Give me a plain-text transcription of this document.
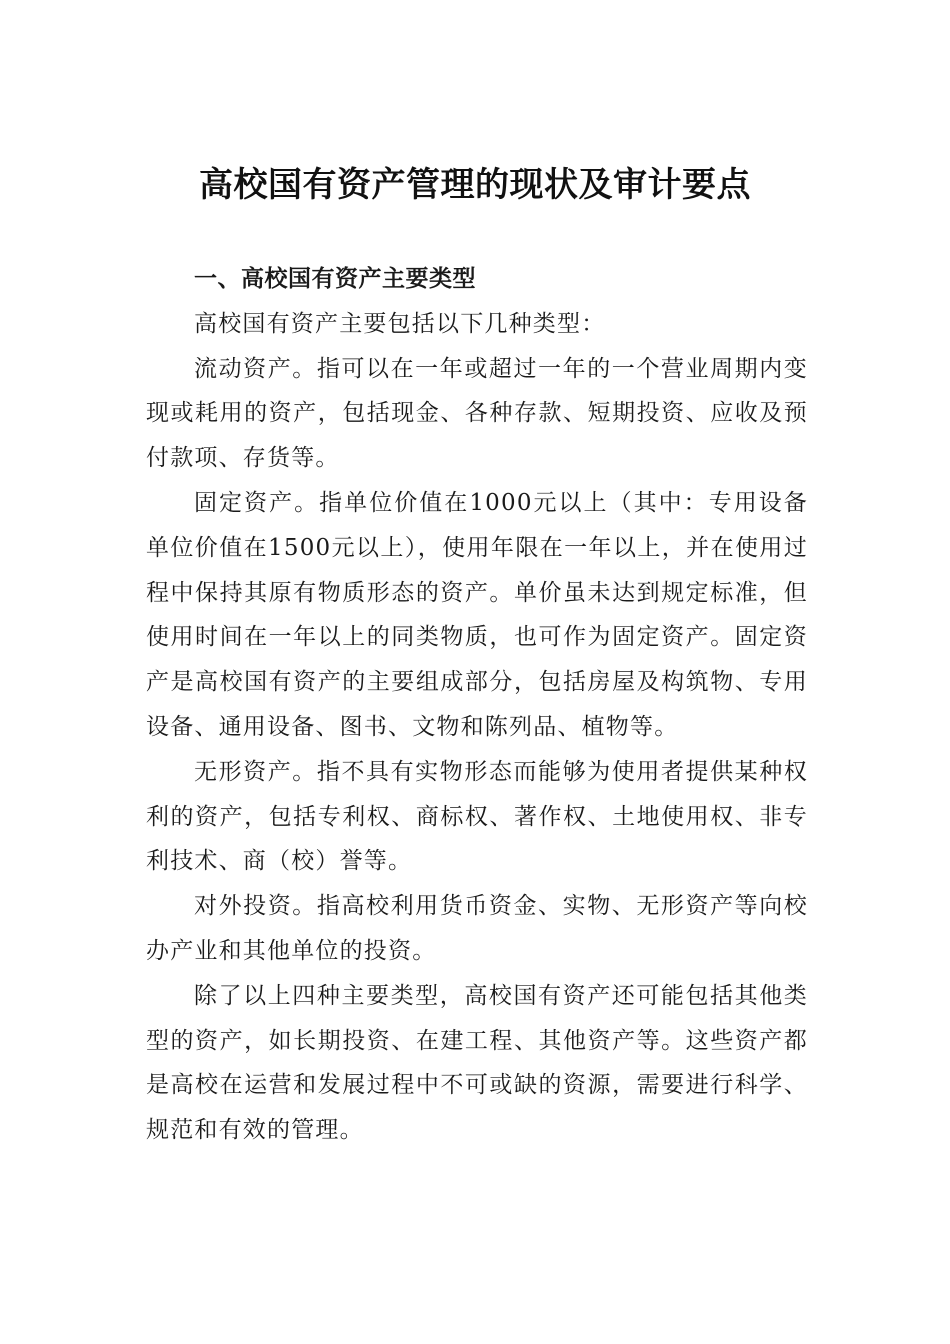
高校国有资产管理的现状及审计要点

一、高校国有资产主要类型

高校国有资产主要包括以下几种类型：

流动资产。指可以在一年或超过一年的一个营业周期内变现或耗用的资产，包括现金、各种存款、短期投资、应收及预付款项、存货等。

固定资产。指单位价值在1000元以上（其中：专用设备单位价值在1500元以上），使用年限在一年以上，并在使用过程中保持其原有物质形态的资产。单价虽未达到规定标准，但使用时间在一年以上的同类物质，也可作为固定资产。固定资产是高校国有资产的主要组成部分，包括房屋及构筑物、专用设备、通用设备、图书、文物和陈列品、植物等。

无形资产。指不具有实物形态而能够为使用者提供某种权利的资产，包括专利权、商标权、著作权、土地使用权、非专利技术、商（校）誉等。

对外投资。指高校利用货币资金、实物、无形资产等向校办产业和其他单位的投资。

除了以上四种主要类型，高校国有资产还可能包括其他类型的资产，如长期投资、在建工程、其他资产等。这些资产都是高校在运营和发展过程中不可或缺的资源，需要进行科学、规范和有效的管理。
